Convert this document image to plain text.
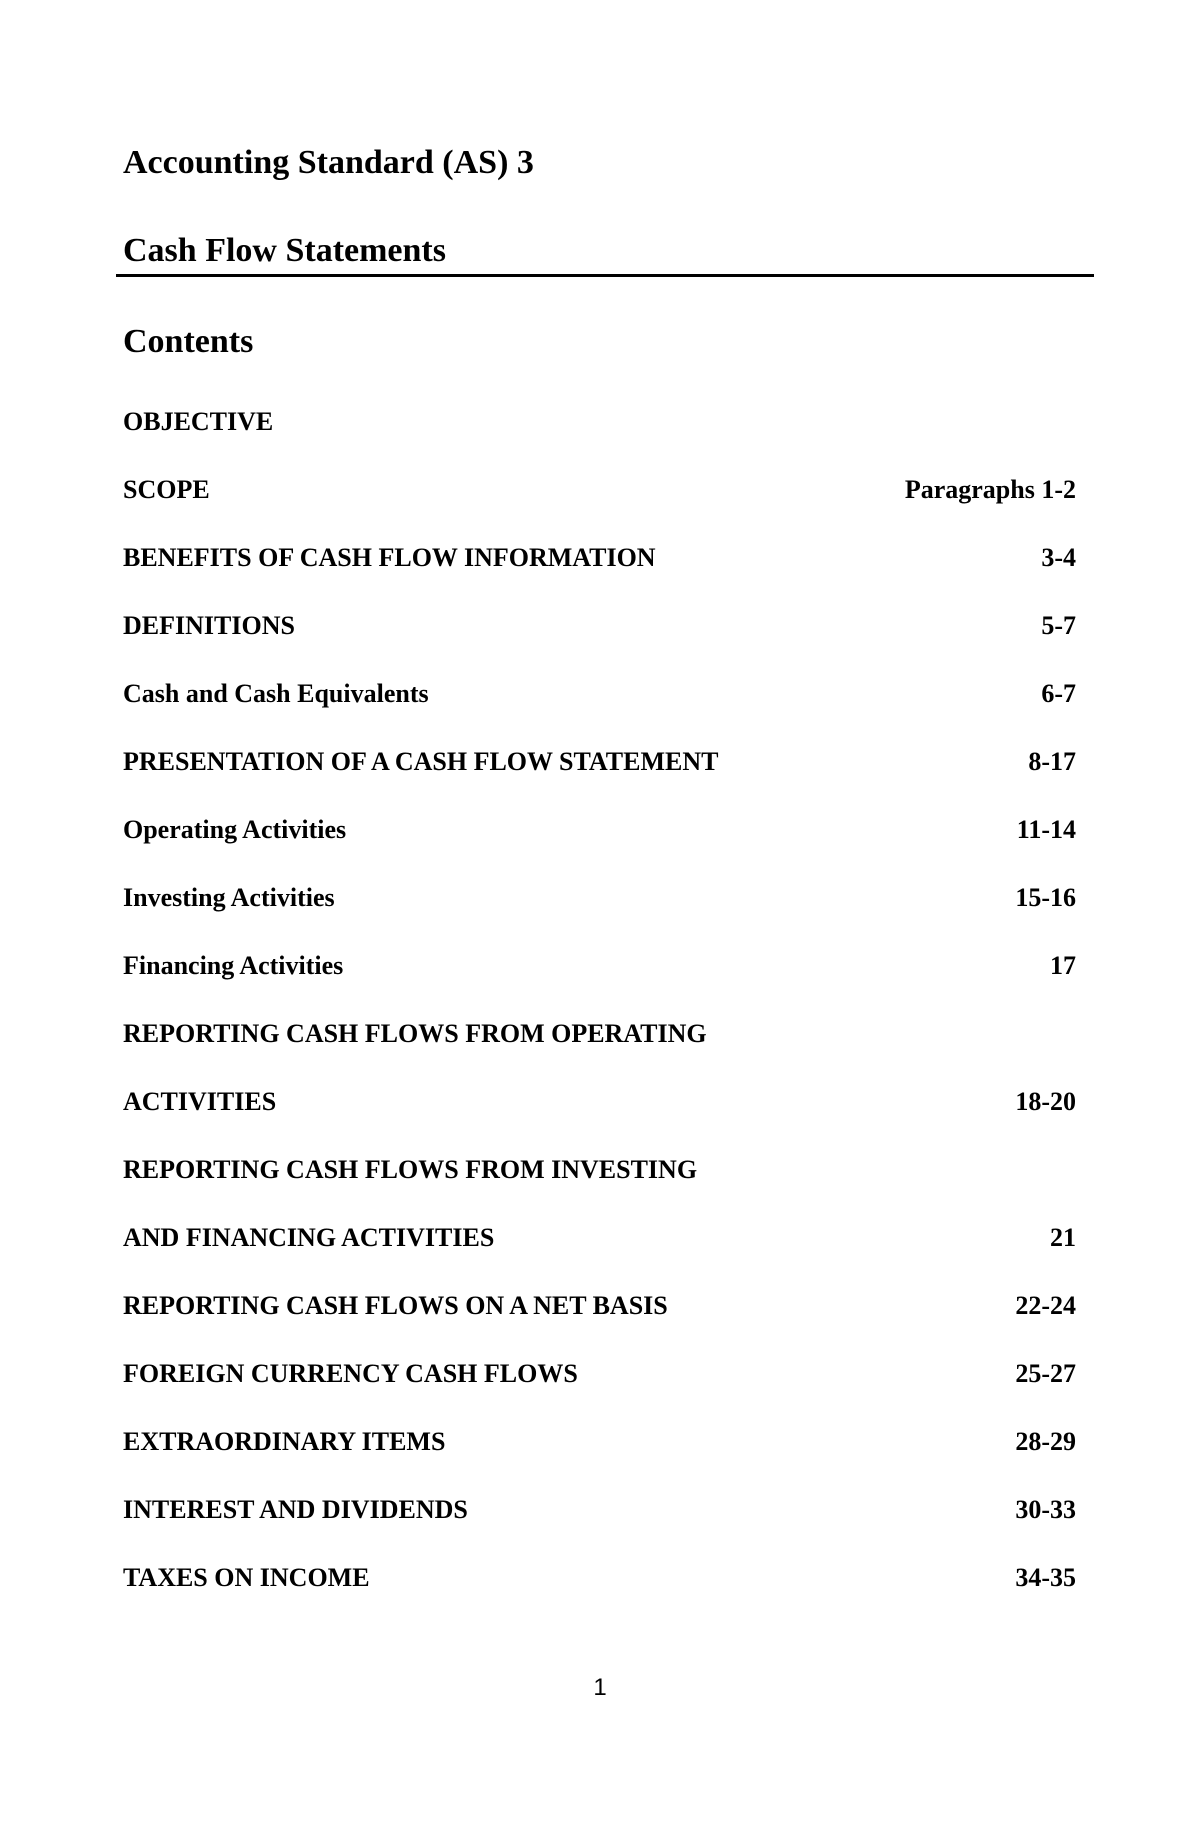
Accounting Standard (AS) 3
Cash Flow Statements
Contents
OBJECTIVE
SCOPE	Paragraphs 1-2
BENEFITS OF CASH FLOW INFORMATION	3-4
DEFINITIONS	5-7
Cash and Cash Equivalents	6-7
PRESENTATION OF A CASH FLOW STATEMENT	8-17
Operating Activities	11-14
Investing Activities	15-16
Financing Activities	17
REPORTING CASH FLOWS FROM OPERATING
ACTIVITIES	18-20
REPORTING CASH FLOWS FROM INVESTING
AND FINANCING ACTIVITIES	21
REPORTING CASH FLOWS ON A NET BASIS	22-24
FOREIGN CURRENCY CASH FLOWS	25-27
EXTRAORDINARY ITEMS	28-29
INTEREST AND DIVIDENDS	30-33
TAXES ON INCOME	34-35
1
